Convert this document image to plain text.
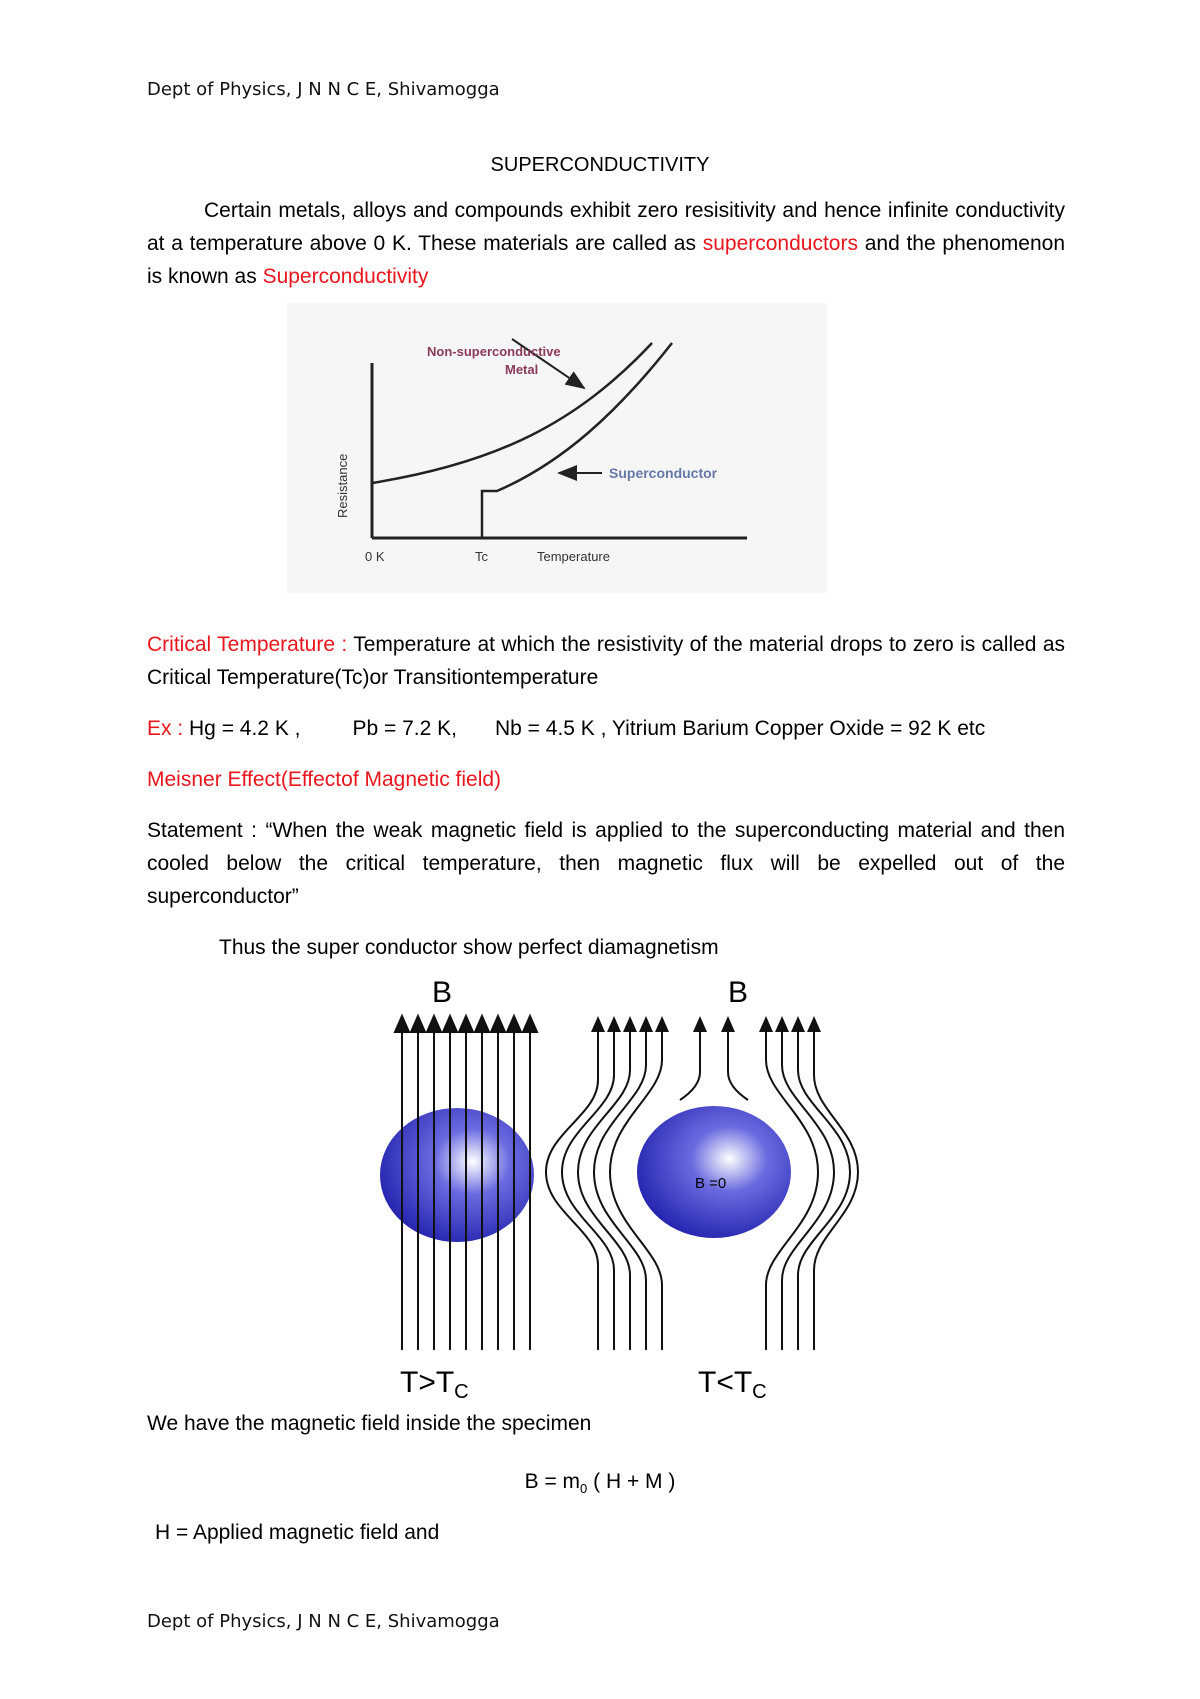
Dept of Physics, J N N C E, Shivamogga
SUPERCONDUCTIVITY
Certain metals, alloys and compounds exhibit zero resisitivity and hence infinite conductivity at a temperature above 0 K. These materials are called as superconductors and the phenomenon is known as Superconductivity
Non-superconductive
Metal
Superconductor
Resistance
0 K	Tc	Temperature
Critical Temperature : Temperature at which the resistivity of the material drops to zero is called as Critical Temperature(Tc)or Transitiontemperature
Ex : Hg = 4.2 K , Pb = 7.2 K, Nb = 4.5 K , Yitrium Barium Copper Oxide = 92 K etc
Meisner Effect(Effectof Magnetic field)
Statement : “When the weak magnetic field is applied to the superconducting material and then cooled below the critical temperature, then magnetic flux will be expelled out of the superconductor”
Thus the super conductor show perfect diamagnetism
B
$T>T_C$
B
B =0
$T<T_C$
We have the magnetic field inside the specimen
$B = m_0$ ( H + M )
H = Applied magnetic field and
Dept of Physics, J N N C E, Shivamogga
